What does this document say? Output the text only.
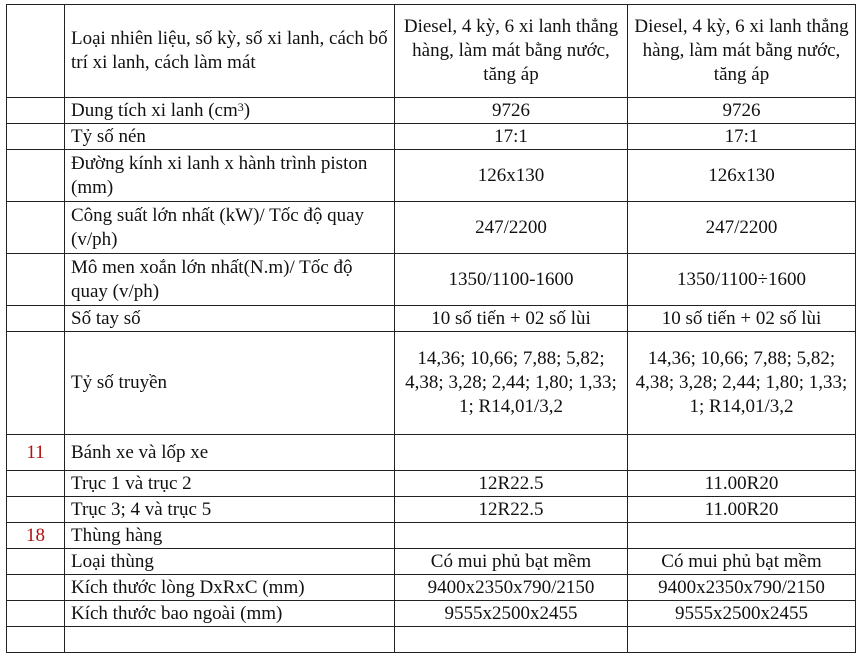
	Loại nhiên liệu, số kỳ, số xi lanh, cách bố trí xi lanh, cách làm mát	Diesel, 4 kỳ, 6 xi lanh thẳng hàng, làm mát bằng nước, tăng áp	Diesel, 4 kỳ, 6 xi lanh thẳng hàng, làm mát bằng nước, tăng áp
	Dung tích xi lanh $(cm^3)$	9726	9726
	Tỷ số nén	17:1	17:1
	Đường kính xi lanh x hành trình piston (mm)	126x130	126x130
	Công suất lớn nhất (kW)/ Tốc độ quay (v/ph)	247/2200	247/2200
	Mô men xoắn lớn nhất(N.m)/ Tốc độ quay (v/ph)	1350/1100-1600	1350/1100÷1600
	Số tay số	10 số tiến + 02 số lùi	10 số tiến + 02 số lùi
	Tỷ số truyền	14,36; 10,66; 7,88; 5,82; 4,38; 3,28; 2,44; 1,80; 1,33; 1; R14,01/3,2	14,36; 10,66; 7,88; 5,82; 4,38; 3,28; 2,44; 1,80; 1,33; 1; R14,01/3,2
11	Bánh xe và lốp xe		
	Trục 1 và trục 2	12R22.5	11.00R20
	Trục 3; 4 và trục 5	12R22.5	11.00R20
18	Thùng hàng		
	Loại thùng	Có mui phủ bạt mềm	Có mui phủ bạt mềm
	Kích thước lòng DxRxC (mm)	9400x2350x790/2150	9400x2350x790/2150
	Kích thước bao ngoài (mm)	9555x2500x2455	9555x2500x2455
